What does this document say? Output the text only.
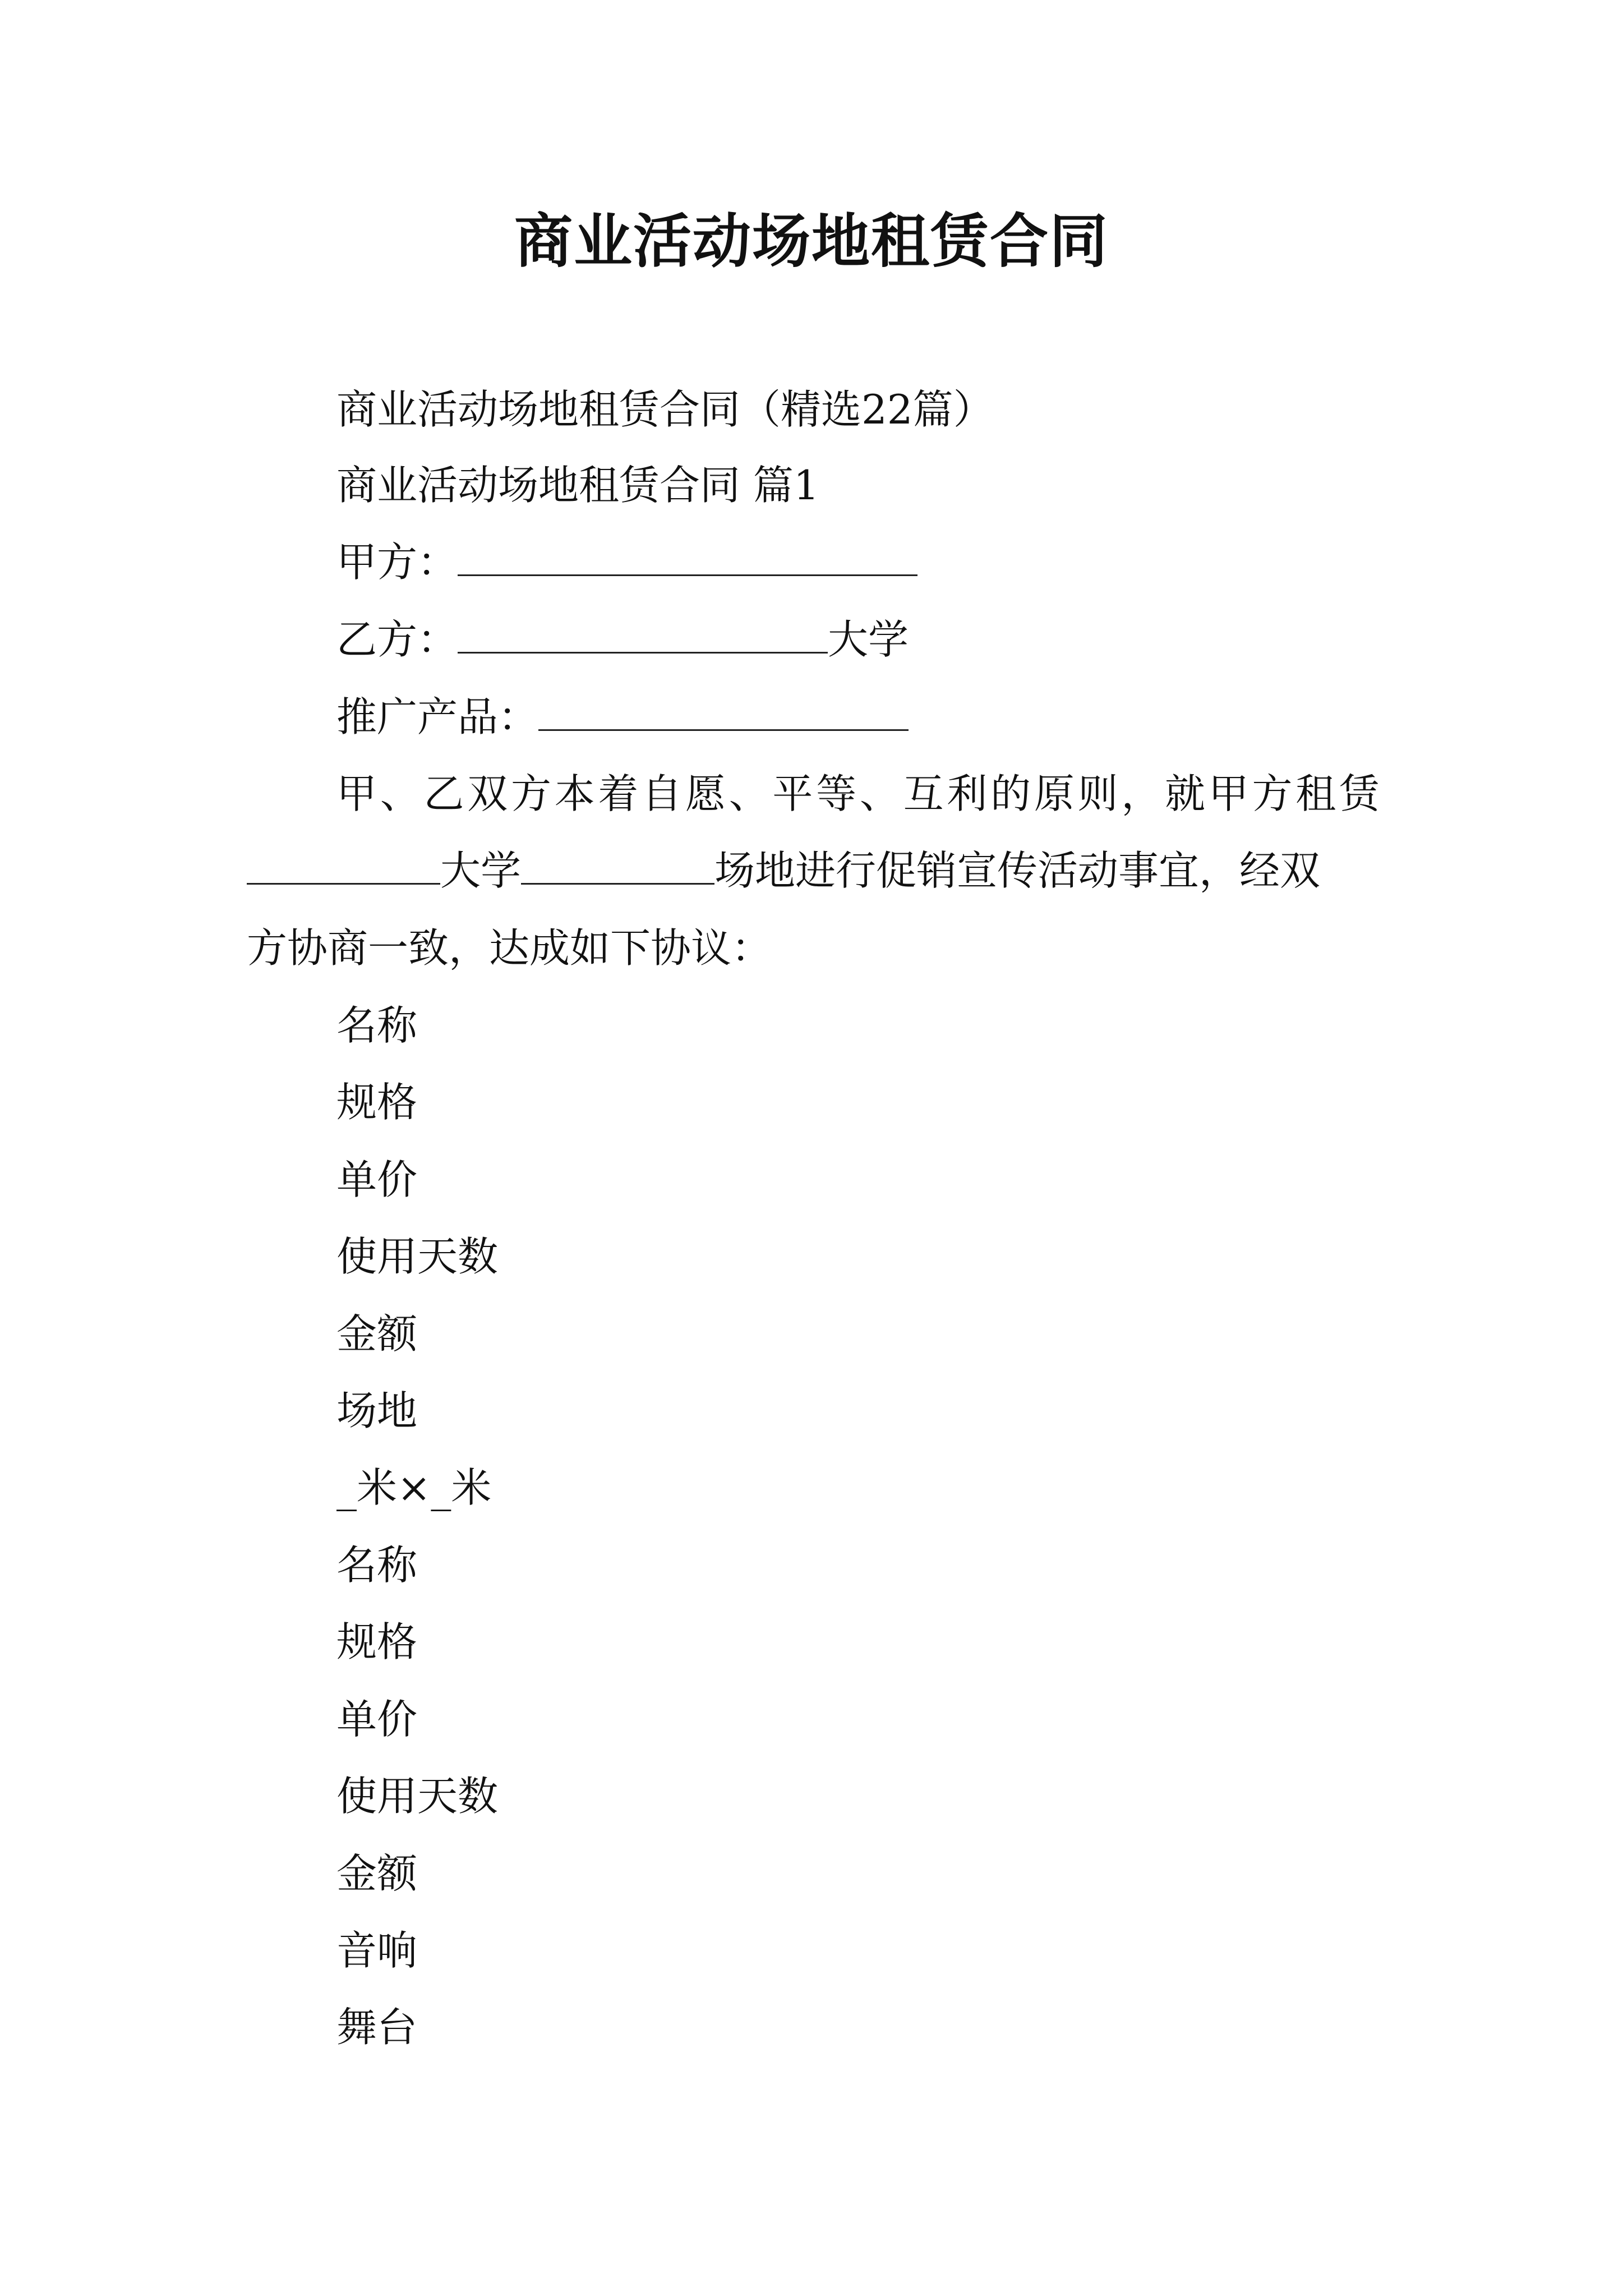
商业活动场地租赁合同
商业活动场地租赁合同（精选22篇）
商业活动场地租赁合同 篇1
甲方：
乙方：	大学
推广产品：
甲、乙双方本着自愿、平等、互利的原则，就甲方租赁
大学	场地进行促销宣传活动事宜，经双
方协商一致，达成如下协议：
名称
规格
单价
使用天数
金额
场地
_米×_米
名称
规格
单价
使用天数
金额
音响
舞台
